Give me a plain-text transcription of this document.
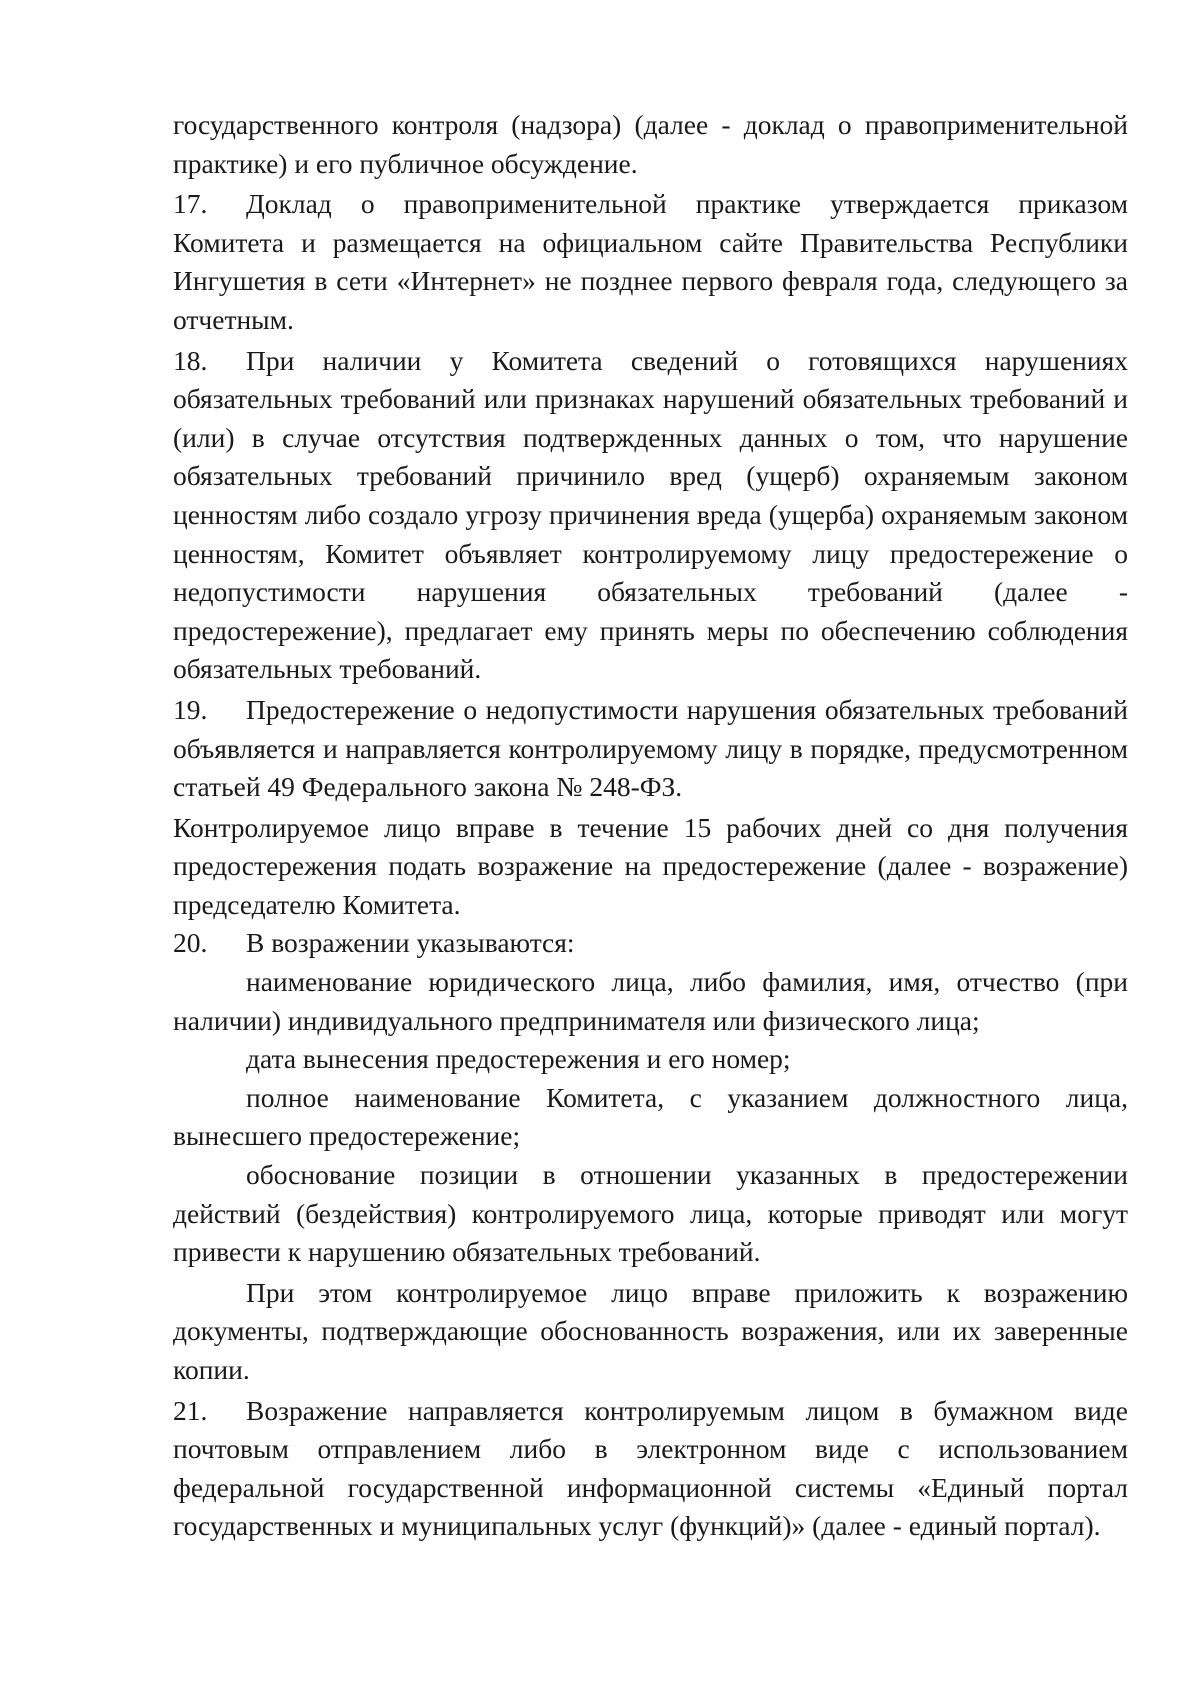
государственного контроля (надзора) (далее - доклад о правоприменительной практике) и его публичное обсуждение.

17. Доклад о правоприменительной практике утверждается приказом Комитета и размещается на официальном сайте Правительства Республики Ингушетия в сети «Интернет» не позднее первого февраля года, следующего за отчетным.

18. При наличии у Комитета сведений о готовящихся нарушениях обязательных требований или признаках нарушений обязательных требований и (или) в случае отсутствия подтвержденных данных о том, что нарушение обязательных требований причинило вред (ущерб) охраняемым законом ценностям либо создало угрозу причинения вреда (ущерба) охраняемым законом ценностям, Комитет объявляет контролируемому лицу предостережение о недопустимости нарушения обязательных требований (далее - предостережение), предлагает ему принять меры по обеспечению соблюдения обязательных требований.

19. Предостережение о недопустимости нарушения обязательных требований объявляется и направляется контролируемому лицу в порядке, предусмотренном статьей 49 Федерального закона № 248-ФЗ.

Контролируемое лицо вправе в течение 15 рабочих дней со дня получения предостережения подать возражение на предостережение (далее - возражение) председателю Комитета.

20. В возражении указываются:

наименование юридического лица, либо фамилия, имя, отчество (при наличии) индивидуального предпринимателя или физического лица;

дата вынесения предостережения и его номер;

полное наименование Комитета, с указанием должностного лица, вынесшего предостережение;

обоснование позиции в отношении указанных в предостережении действий (бездействия) контролируемого лица, которые приводят или могут привести к нарушению обязательных требований.

При этом контролируемое лицо вправе приложить к возражению документы, подтверждающие обоснованность возражения, или их заверенные копии.

21. Возражение направляется контролируемым лицом в бумажном виде почтовым отправлением либо в электронном виде с использованием федеральной государственной информационной системы «Единый портал государственных и муниципальных услуг (функций)» (далее - единый портал).
